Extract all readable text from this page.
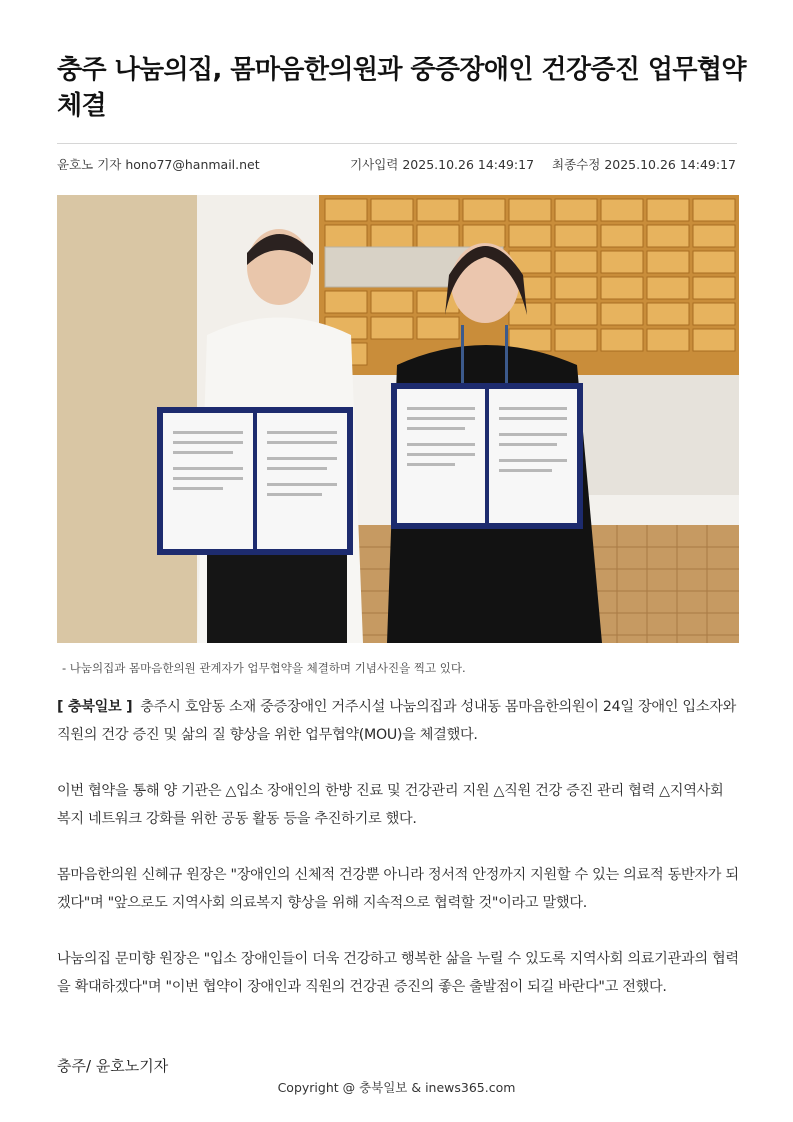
충주 나눔의집, 몸마음한의원과 중증장애인 건강증진 업무협약 체결
윤호노 기자 hono77@hanmail.net	기사입력 2025.10.26 14:49:17 최종수정 2025.10.26 14:49:17
- 나눔의집과 몸마음한의원 관계자가 업무협약을 체결하며 기념사진을 찍고 있다.

[ 충북일보 ] 충주시 호암동 소재 중증장애인 거주시설 나눔의집과 성내동 몸마음한의원이 24일 장애인 입소자와 직원의 건강 증진 및 삶의 질 향상을 위한 업무협약(MOU)을 체결했다.

이번 협약을 통해 양 기관은 △입소 장애인의 한방 진료 및 건강관리 지원 △직원 건강 증진 관리 협력 △지역사회 복지 네트워크 강화를 위한 공동 활동 등을 추진하기로 했다.

몸마음한의원 신혜규 원장은 "장애인의 신체적 건강뿐 아니라 정서적 안정까지 지원할 수 있는 의료적 동반자가 되 겠다"며 "앞으로도 지역사회 의료복지 향상을 위해 지속적으로 협력할 것"이라고 말했다.

나눔의집 문미향 원장은 "입소 장애인들이 더욱 건강하고 행복한 삶을 누릴 수 있도록 지역사회 의료기관과의 협력 을 확대하겠다"며 "이번 협약이 장애인과 직원의 건강권 증진의 좋은 출발점이 되길 바란다"고 전했다.

충주/ 윤호노기자
Copyright @ 충북일보 & inews365.com
